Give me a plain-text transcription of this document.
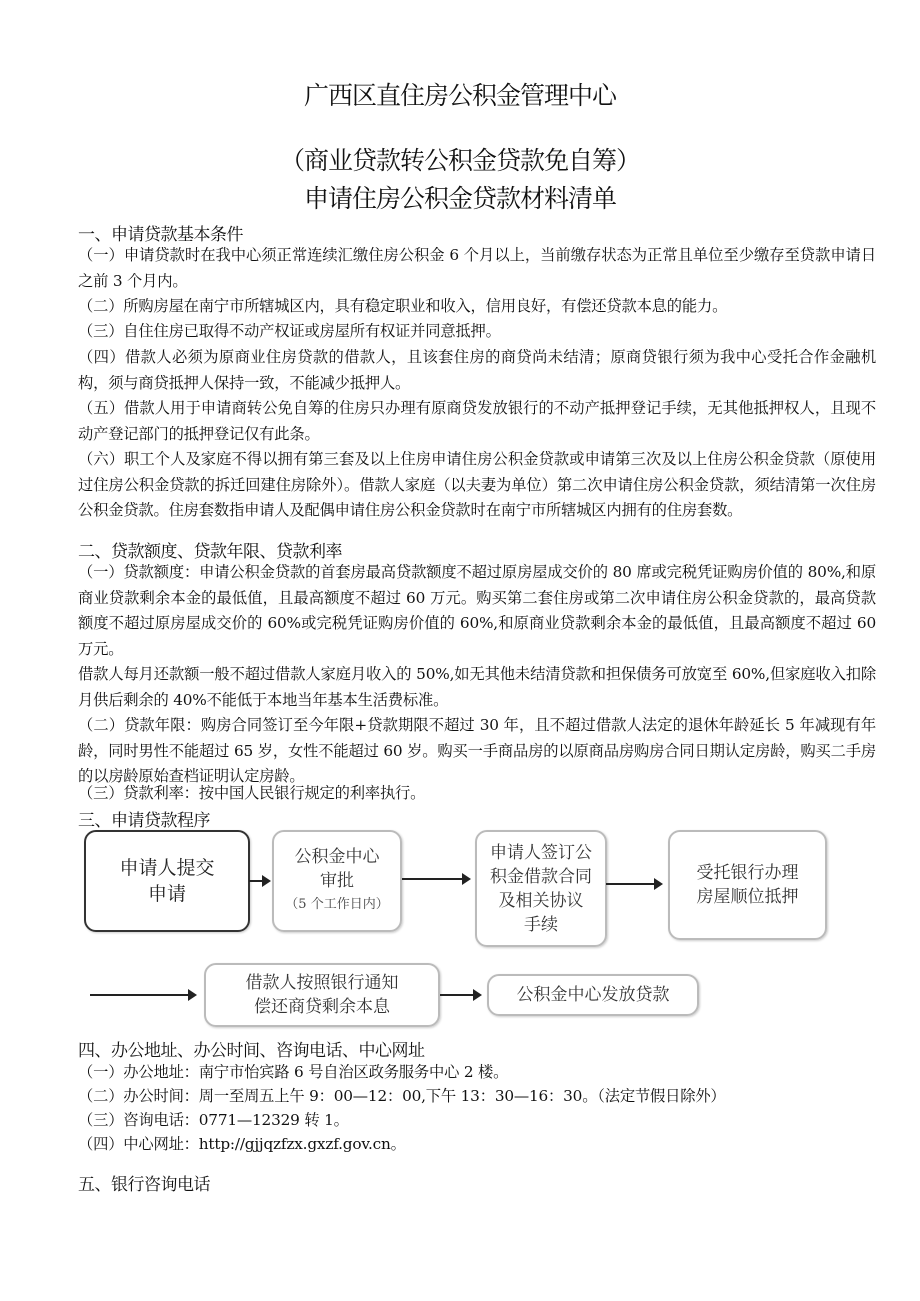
广西区直住房公积金管理中心
（商业贷款转公积金贷款免自筹）
申请住房公积金贷款材料清单
一、申请贷款基本条件
（一）申请贷款时在我中心须正常连续汇缴住房公积金 6 个月以上，当前缴存状态为正常且单位至少缴存至贷款申请日之前 3 个月内。
（二）所购房屋在南宁市所辖城区内，具有稳定职业和收入，信用良好，有偿还贷款本息的能力。
（三）自住住房已取得不动产权证或房屋所有权证并同意抵押。
（四）借款人必须为原商业住房贷款的借款人，且该套住房的商贷尚未结清；原商贷银行须为我中心受托合作金融机构，须与商贷抵押人保持一致，不能减少抵押人。
（五）借款人用于申请商转公免自筹的住房只办理有原商贷发放银行的不动产抵押登记手续，无其他抵押权人，且现不动产登记部门的抵押登记仅有此条。
（六）职工个人及家庭不得以拥有第三套及以上住房申请住房公积金贷款或申请第三次及以上住房公积金贷款（原使用过住房公积金贷款的拆迁回建住房除外）。借款人家庭（以夫妻为单位）第二次申请住房公积金贷款，须结清第一次住房公积金贷款。住房套数指申请人及配偶申请住房公积金贷款时在南宁市所辖城区内拥有的住房套数。
二、贷款额度、贷款年限、贷款利率
（一）贷款额度：申请公积金贷款的首套房最高贷款额度不超过原房屋成交价的 80 席或完税凭证购房价值的 80%,和原商业贷款剩余本金的最低值，且最高额度不超过 60 万元。购买第二套住房或第二次申请住房公积金贷款的，最高贷款额度不超过原房屋成交价的 60%或完税凭证购房价值的 60%,和原商业贷款剩余本金的最低值，且最高额度不超过 60 万元。
借款人每月还款额一般不超过借款人家庭月收入的 50%,如无其他未结清贷款和担保债务可放宽至 60%,但家庭收入扣除月供后剩余的 40%不能低于本地当年基本生活费标准。
（二）贷款年限：购房合同签订至今年限+贷款期限不超过 30 年，且不超过借款人法定的退休年龄延长 5 年减现有年龄，同时男性不能超过 65 岁，女性不能超过 60 岁。购买一手商品房的以原商品房购房合同日期认定房龄，购买二手房的以房龄原始查档证明认定房龄。
（三）贷款利率：按中国人民银行规定的利率执行。
三、申请贷款程序
申请人提交
申请
公积金中心
审批
（5 个工作日内）
申请人签订公
积金借款合同
及相关协议
手续
受托银行办理
房屋顺位抵押
借款人按照银行通知
偿还商贷剩余本息
公积金中心发放贷款
四、办公地址、办公时间、咨询电话、中心网址
（一）办公地址：南宁市怡宾路 6 号自治区政务服务中心 2 楼。
（二）办公时间：周一至周五上午 9：00—12：00,下午 13：30—16：30。（法定节假日除外）
（三）咨询电话：0771—12329 转 1。
（四）中心网址：http://gjjqzfzx.gxzf.gov.cn。
五、银行咨询电话
